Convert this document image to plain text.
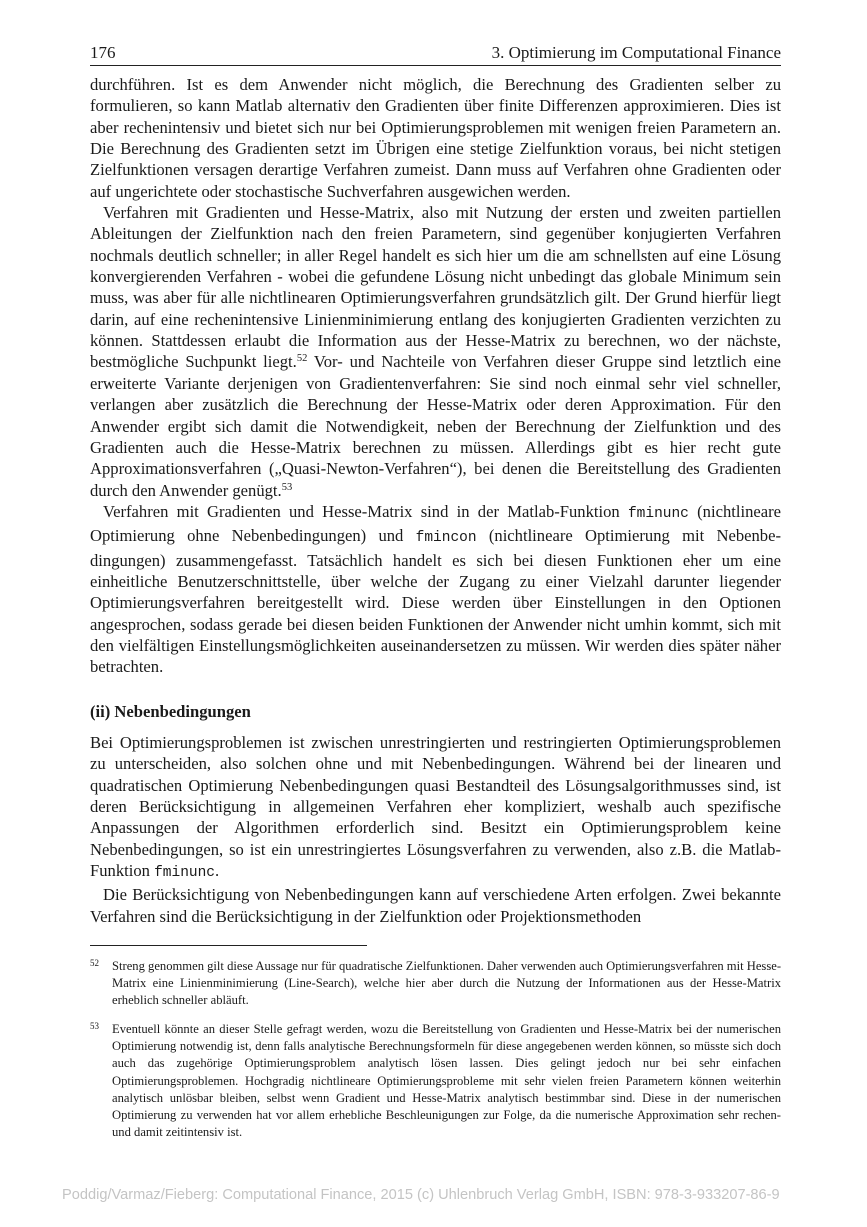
176	3. Optimierung im Computational Finance

durchführen. Ist es dem Anwender nicht möglich, die Berechnung des Gradienten selber zu formulieren, so kann Matlab alternativ den Gradienten über finite Differenzen approximieren. Dies ist aber rechenintensiv und bietet sich nur bei Optimierungsproblemen mit wenigen freien Parametern an. Die Berechnung des Gradienten setzt im Übrigen eine stetige Zielfunktion voraus, bei nicht stetigen Zielfunktionen versagen derartige Verfahren zumeist. Dann muss auf Verfahren ohne Gradienten oder auf ungerichtete oder stochastische Suchverfahren ausgewichen werden.

Verfahren mit Gradienten und Hesse-Matrix, also mit Nutzung der ersten und zweiten partiellen Ableitungen der Zielfunktion nach den freien Parametern, sind gegenüber konjugierten Verfahren nochmals deutlich schneller; in aller Regel handelt es sich hier um die am schnellsten auf eine Lösung konvergierenden Verfahren - wobei die gefundene Lösung nicht unbedingt das globale Minimum sein muss, was aber für alle nichtlinearen Optimierungsverfahren grundsätzlich gilt. Der Grund hierfür liegt darin, auf eine rechenintensive Linienminimierung entlang des konjugierten Gradienten verzichten zu können. Stattdessen erlaubt die Information aus der Hesse-Matrix zu berechnen, wo der nächste, bestmögliche Suchpunkt liegt.$^{52}$ Vor- und Nachteile von Verfahren dieser Gruppe sind letztlich eine erweiterte Variante derjenigen von Gradientenverfahren: Sie sind noch einmal sehr viel schneller, verlangen aber zusätzlich die Berechnung der Hesse-Matrix oder deren Approximation. Für den Anwender ergibt sich damit die Notwendigkeit, neben der Berechnung der Zielfunktion und des Gradienten auch die Hesse-Matrix berechnen zu müssen. Allerdings gibt es hier recht gute Approximationsverfahren („Quasi-Newton-Verfahren“), bei denen die Bereitstellung des Gradienten durch den Anwender genügt.$^{53}$

Verfahren mit Gradienten und Hesse-Matrix sind in der Matlab-Funktion fminunc (nichtlineare Optimierung ohne Nebenbedingungen) und fmincon (nichtlineare Optimierung mit Nebenbedingungen) zusammengefasst. Tatsächlich handelt es sich bei diesen Funktionen eher um eine einheitliche Benutzerschnittstelle, über welche der Zugang zu einer Vielzahl darunter liegender Optimierungsverfahren bereitgestellt wird. Diese werden über Einstellungen in den Optionen angesprochen, sodass gerade bei diesen beiden Funktionen der Anwender nicht umhin kommt, sich mit den vielfältigen Einstellungsmöglichkeiten auseinandersetzen zu müssen. Wir werden dies später näher betrachten.

(ii) Nebenbedingungen

Bei Optimierungsproblemen ist zwischen unrestringierten und restringierten Optimierungsproblemen zu unterscheiden, also solchen ohne und mit Nebenbedingungen. Während bei der linearen und quadratischen Optimierung Nebenbedingungen quasi Bestandteil des Lösungsalgorithmusses sind, ist deren Berücksichtigung in allgemeinen Verfahren eher kompliziert, weshalb auch spezifische Anpassungen der Algorithmen erforderlich sind. Besitzt ein Optimierungsproblem keine Nebenbedingungen, so ist ein unrestringiertes Lösungsverfahren zu verwenden, also z.B. die Matlab-Funktion fminunc.

Die Berücksichtigung von Nebenbedingungen kann auf verschiedene Arten erfolgen. Zwei bekannte Verfahren sind die Berücksichtigung in der Zielfunktion oder Projektionsmethoden

52 Streng genommen gilt diese Aussage nur für quadratische Zielfunktionen. Daher verwenden auch Optimierungsverfahren mit Hesse-Matrix eine Linienminimierung (Line-Search), welche hier aber durch die Nutzung der Informationen aus der Hesse-Matrix erheblich schneller abläuft.
53 Eventuell könnte an dieser Stelle gefragt werden, wozu die Bereitstellung von Gradienten und Hesse-Matrix bei der numerischen Optimierung notwendig ist, denn falls analytische Berechnungsformeln für diese angegebenen werden können, so müsste sich doch auch das zugehörige Optimierungsproblem analytisch lösen lassen. Dies gelingt jedoch nur bei sehr einfachen Optimierungsproblemen. Hochgradig nichtlineare Optimierungsprobleme mit sehr vielen freien Parametern können weiterhin analytisch unlösbar bleiben, selbst wenn Gradient und Hesse-Matrix analytisch bestimmbar sind. Diese in der numerischen Optimierung zu verwenden hat vor allem erhebliche Beschleunigungen zur Folge, da die numerische Approximation sehr rechen- und damit zeitintensiv ist.
Poddig/Varmaz/Fieberg: Computational Finance, 2015 (c) Uhlenbruch Verlag GmbH, ISBN: 978-3-933207-86-9
